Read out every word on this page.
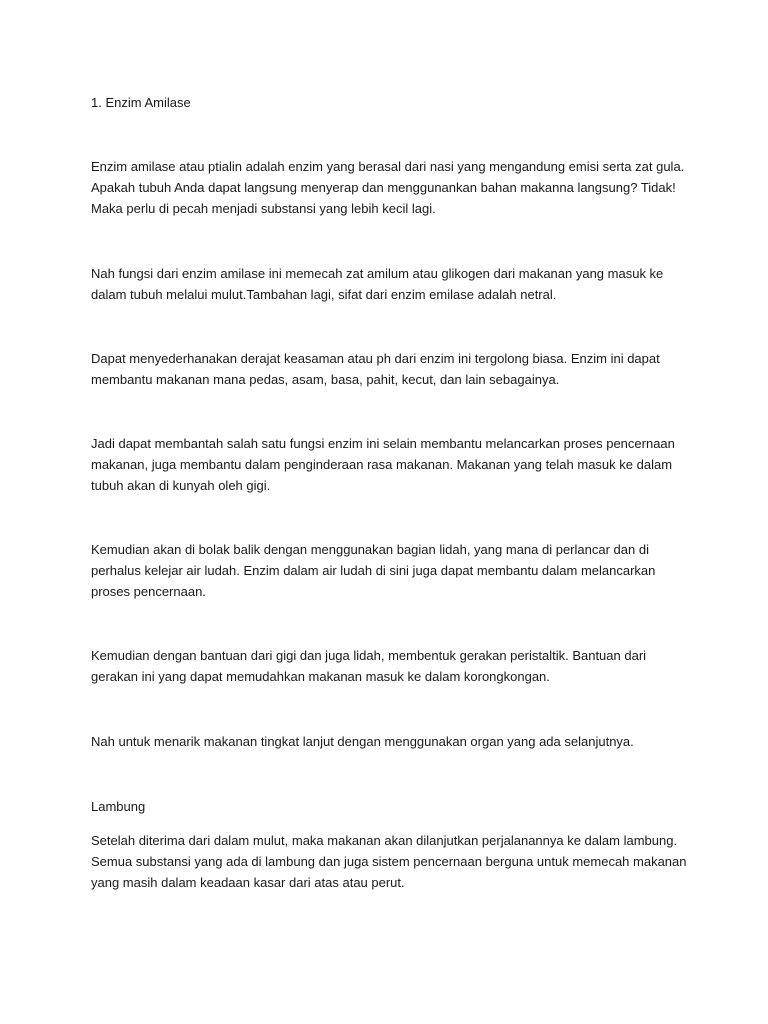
1. Enzim Amilase

Enzim amilase atau ptialin adalah enzim yang berasal dari nasi yang mengandung emisi serta zat gula.

Apakah tubuh Anda dapat langsung menyerap dan menggunankan bahan makanna langsung? Tidak!

Maka perlu di pecah menjadi substansi yang lebih kecil lagi.

Nah fungsi dari enzim amilase ini memecah zat amilum atau glikogen dari makanan yang masuk ke

dalam tubuh melalui mulut.Tambahan lagi, sifat dari enzim emilase adalah netral.

Dapat menyederhanakan derajat keasaman atau ph dari enzim ini tergolong biasa. Enzim ini dapat

membantu makanan mana pedas, asam, basa, pahit, kecut, dan lain sebagainya.

Jadi dapat membantah salah satu fungsi enzim ini selain membantu melancarkan proses pencernaan

makanan, juga membantu dalam penginderaan rasa makanan. Makanan yang telah masuk ke dalam

tubuh akan di kunyah oleh gigi.

Kemudian akan di bolak balik dengan menggunakan bagian lidah, yang mana di perlancar dan di

perhalus kelejar air ludah. Enzim dalam air ludah di sini juga dapat membantu dalam melancarkan

proses pencernaan.

Kemudian dengan bantuan dari gigi dan juga lidah, membentuk gerakan peristaltik. Bantuan dari

gerakan ini yang dapat memudahkan makanan masuk ke dalam korongkongan.

Nah untuk menarik makanan tingkat lanjut dengan menggunakan organ yang ada selanjutnya.

Lambung

Setelah diterima dari dalam mulut, maka makanan akan dilanjutkan perjalanannya ke dalam lambung.

Semua substansi yang ada di lambung dan juga sistem pencernaan berguna untuk memecah makanan

yang masih dalam keadaan kasar dari atas atau perut.
